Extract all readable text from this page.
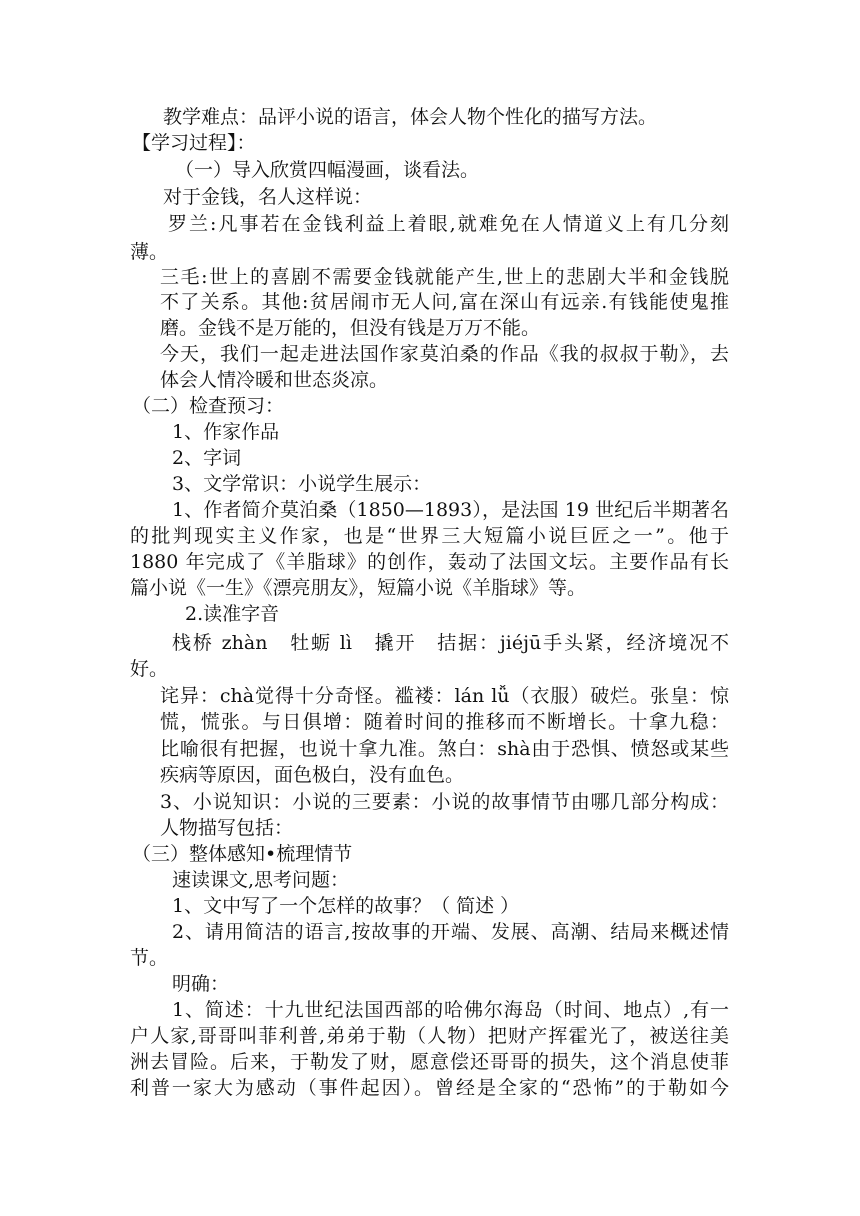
教学难点：品评小说的语言，体会人物个性化的描写方法。
【学习过程】：
（一）导入欣赏四幅漫画，谈看法。
对于金钱，名人这样说：
罗兰:凡事若在金钱利益上着眼,就难免在人情道义上有几分刻
薄。
三毛:世上的喜剧不需要金钱就能产生,世上的悲剧大半和金钱脱
不了关系。其他:贫居闹市无人问,富在深山有远亲.有钱能使鬼推
磨。金钱不是万能的，但没有钱是万万不能。
今天，我们一起走进法国作家莫泊桑的作品《我的叔叔于勒》，去
体会人情冷暖和世态炎凉。
（二）检查预习：
1、作家作品
2、字词
3、文学常识：小说学生展示：
1、作者简介莫泊桑（1850—1893），是法国 19 世纪后半期著名
的批判现实主义作家，也是“世界三大短篇小说巨匠之一”。他于
1880 年完成了《羊脂球》的创作，轰动了法国文坛。主要作品有长
篇小说《一生》《漂亮朋友》，短篇小说《羊脂球》等。
2.读准字音
栈桥 zhàn　牡蛎 lì　撬开　拮据：jiéjū手头紧，经济境况不
好。
诧异：chà觉得十分奇怪。褴褛：lán lǚ（衣服）破烂。张皇：惊
慌，慌张。与日俱增：随着时间的推移而不断增长。十拿九稳：
比喻很有把握，也说十拿九准。煞白：shà由于恐惧、愤怒或某些
疾病等原因，面色极白，没有血色。
3、小说知识：小说的三要素：小说的故事情节由哪几部分构成：
人物描写包括：
（三）整体感知•梳理情节
速读课文,思考问题：
1、文中写了一个怎样的故事？（ 简述 ）
2、请用简洁的语言,按故事的开端、发展、高潮、结局来概述情
节。
明确：
1、简述：十九世纪法国西部的哈佛尔海岛（时间、地点）,有一
户人家,哥哥叫菲利普,弟弟于勒（人物）把财产挥霍光了，被送往美
洲去冒险。后来，于勒发了财，愿意偿还哥哥的损失，这个消息使菲
利普一家大为感动（事件起因）。曾经是全家的“恐怖”的于勒如今
